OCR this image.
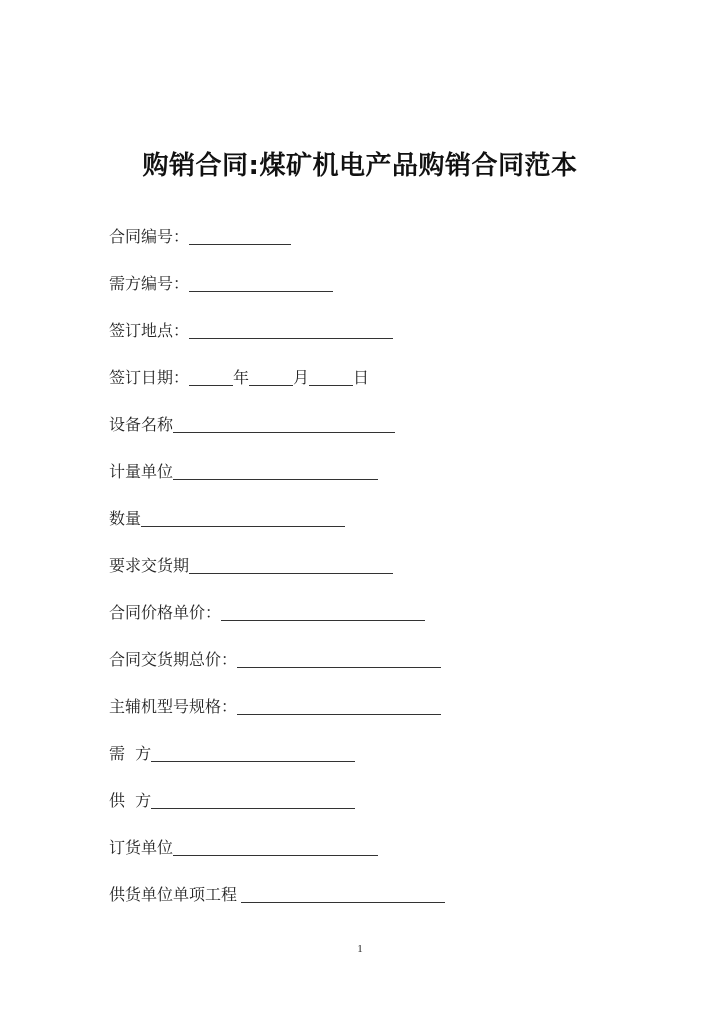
购销合同:煤矿机电产品购销合同范本
合同编号：
需方编号：
签订地点：
签订日期：	年	月	日
设备名称
计量单位
数量
要求交货期
合同价格单价：
合同交货期总价：
主辅机型号规格：
需  方
供  方
订货单位
供货单位单项工程
1
